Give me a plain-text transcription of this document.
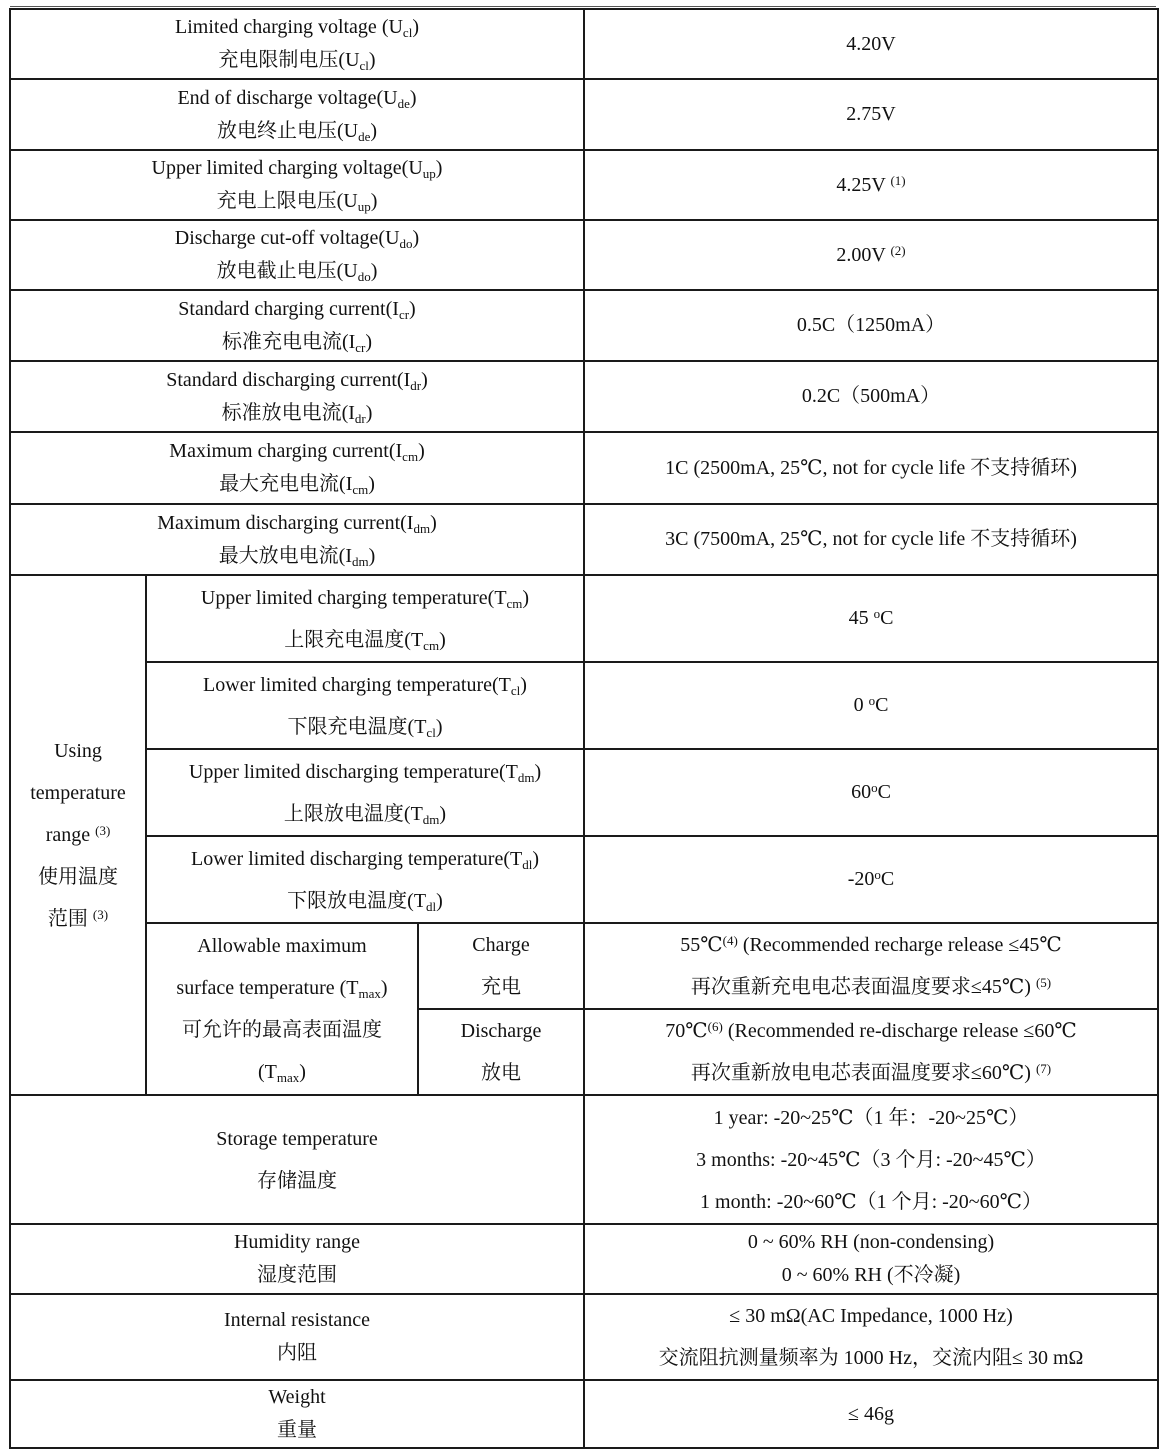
Limited charging voltage $(U_{cl})$
充电限制电压$(U_{cl})$			4.20V

End of discharge $voltage(U_{de})$
放电终止电压$(U_{de})$			2.75V

Upper limited charging $voltage(U_{up})$
充电上限电压$(U_{up})$			4.25V $^{(1)}$

Discharge cut-off $voltage(U_{do})$
放电截止电压$(U_{do})$			2.00V $^{(2)}$

Standard charging $current(I_{cr})$
标准充电电流$(I_{cr})$			0.5C（1250mA）

Standard discharging $current(I_{dr})$
标准放电电流$(I_{dr})$			0.2C（500mA）

Maximum charging $current(I_{cm})$
最大充电电流$(I_{cm})$			1C (2500mA, 25℃, not for cycle life 不支持循环)

Maximum discharging $current(I_{dm})$
最大放电电流$(I_{dm})$			3C (7500mA, 25℃, not for cycle life 不支持循环)

Using
temperature
range $^{(3)}$
使用温度
范围 $^{(3)}$	Upper limited charging $temperature(T_{cm})$
上限充电温度$(T_{cm})$		45 $^o$C

	Lower limited charging $temperature(T_{cl})$
下限充电温度$(T_{cl})$		0 $^o$C

	Upper limited discharging $temperature(T_{dm})$
上限放电温度$(T_{dm})$		60$^o$C

	Lower limited discharging $temperature(T_{dl})$
下限放电温度$(T_{dl})$		-20$^o$C

	Allowable maximum
surface temperature $(T_{max})$
可允许的最高表面温度
$(T_{max})$	Charge
充电	55℃$^{(4)}$ (Recommended recharge release ≤45℃
再次重新充电电芯表面温度要求≤45℃) $^{(5)}$

		Discharge
放电	70℃$^{(6)}$ (Recommended re-discharge release ≤60℃
再次重新放电电芯表面温度要求≤60℃) $^{(7)}$

Storage temperature
存储温度			1 year: -20~25℃（1 年：-20~25℃）
3 months: -20~45℃（3 个月: -20~45℃）
1 month: -20~60℃（1 个月: -20~60℃）

Humidity range
湿度范围			0 ~ 60% RH (non-condensing)
0 ~ 60% RH (不冷凝)

Internal resistance
内阻			≤ 30 mΩ(AC Impedance, 1000 Hz)
交流阻抗测量频率为 1000 Hz，交流内阻≤ 30 mΩ

Weight
重量			≤ 46g
